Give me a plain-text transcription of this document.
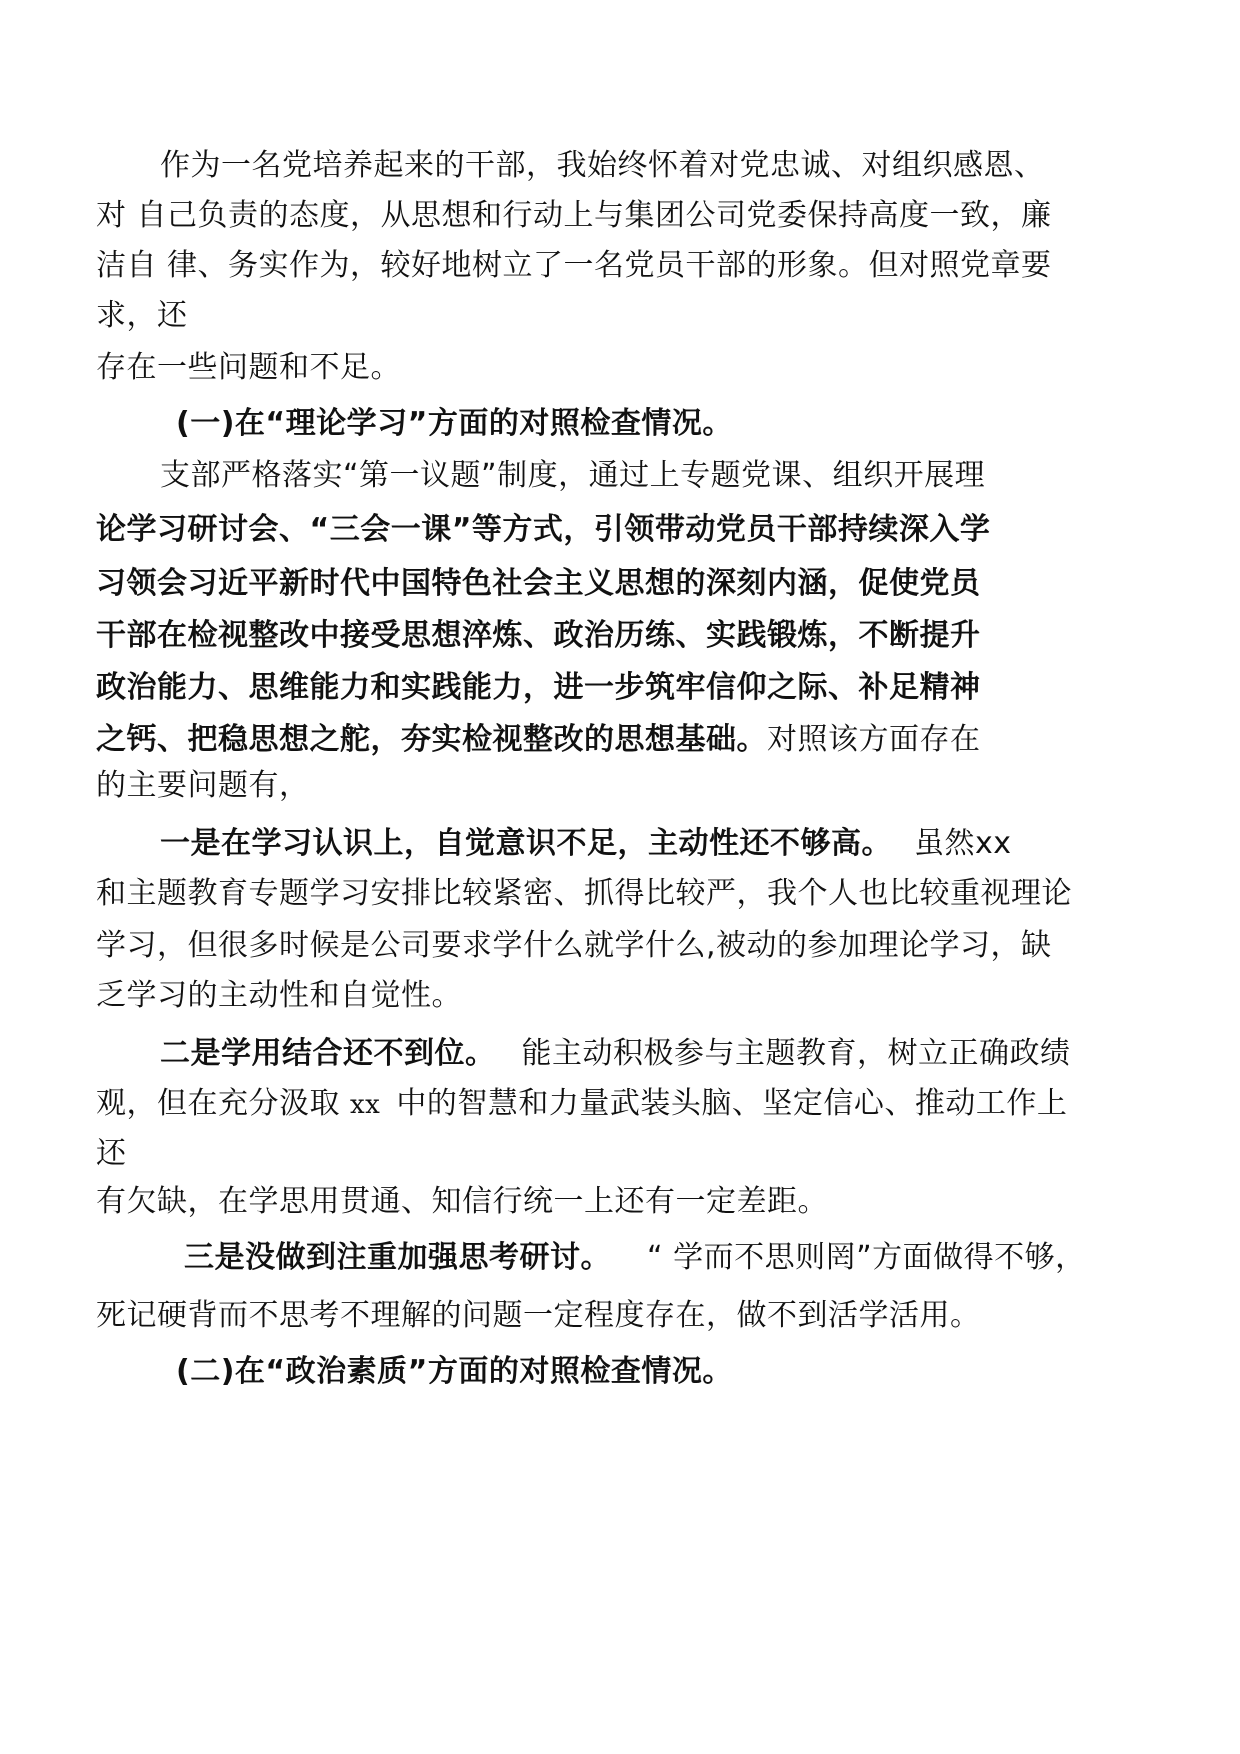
作为一名党培养起来的干部，我始终怀着对党忠诚、对组织感恩、
对 自己负责的态度，从思想和行动上与集团公司党委保持高度一致，廉
洁自 律、务实作为，较好地树立了一名党员干部的形象。但对照党章要
求，还
存在一些问题和不足。
(一)在“理论学习”方面的对照检查情况。
支部严格落实“第一议题”制度，通过上专题党课、组织开展理
论学习研讨会、“三会一课”等方式，引领带动党员干部持续深入学
习领会习近平新时代中国特色社会主义思想的深刻内涵，促使党员
干部在检视整改中接受思想淬炼、政治历练、实践锻炼，不断提升
政治能力、思维能力和实践能力，进一步筑牢信仰之际、补足精神
之钙、把稳思想之舵，夯实检视整改的思想基础。对照该方面存在
的主要问题有，
一是在学习认识上，自觉意识不足，主动性还不够高。 虽然xx
和主题教育专题学习安排比较紧密、抓得比较严，我个人也比较重视理论
学习，但很多时候是公司要求学什么就学什么,被动的参加理论学习，缺
乏学习的主动性和自觉性。
二是学用结合还不到位。 能主动积极参与主题教育，树立正确政绩
观，但在充分汲取 xx 中的智慧和力量武装头脑、坚定信心、推动工作上
还
有欠缺，在学思用贯通、知信行统一上还有一定差距。
三是没做到注重加强思考研讨。 “ 学而不思则罔”方面做得不够，
死记硬背而不思考不理解的问题一定程度存在，做不到活学活用。
(二)在“政治素质”方面的对照检查情况。
